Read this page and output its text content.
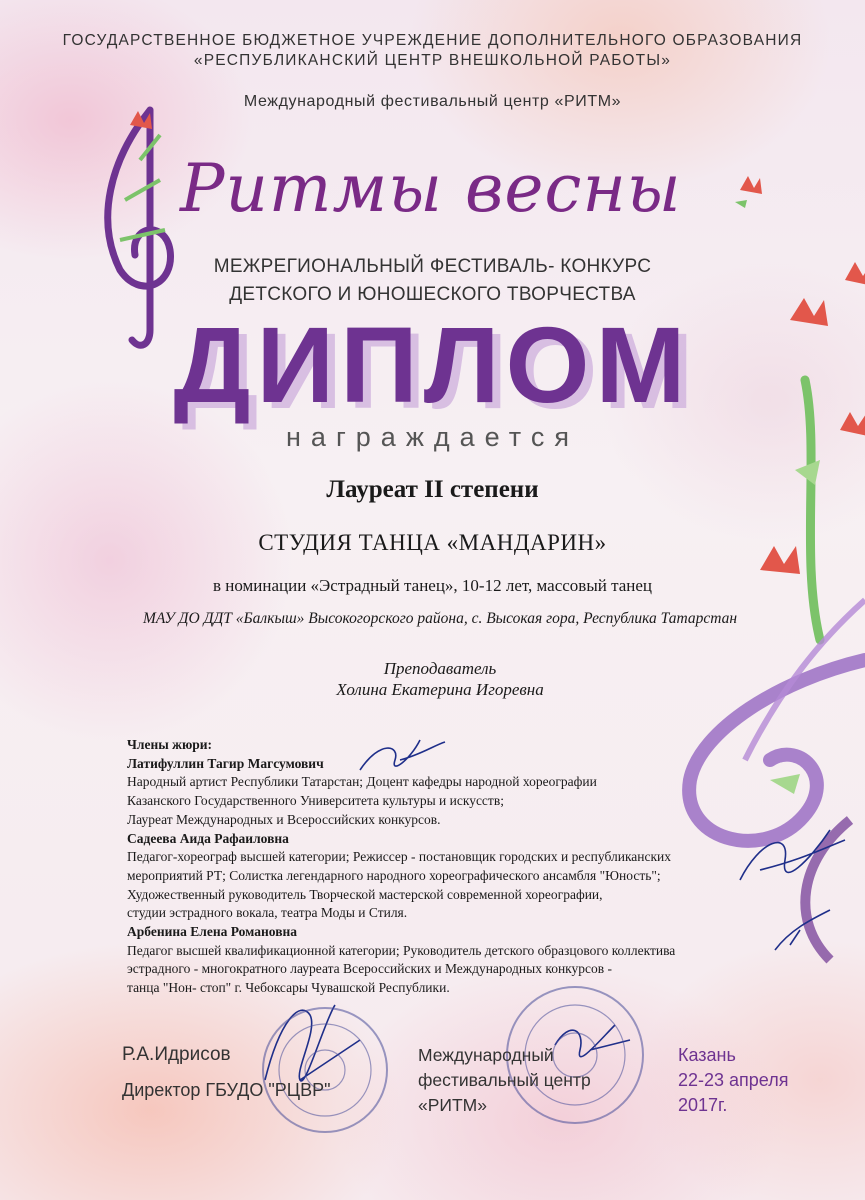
ГОСУДАРСТВЕННОЕ БЮДЖЕТНОЕ УЧРЕЖДЕНИЕ ДОПОЛНИТЕЛЬНОГО ОБРАЗОВАНИЯ
«РЕСПУБЛИКАНСКИЙ ЦЕНТР ВНЕШКОЛЬНОЙ РАБОТЫ»
Международный фестивальный центр «РИТМ»
Ритмы весны
МЕЖРЕГИОНАЛЬНЫЙ ФЕСТИВАЛЬ- КОНКУРС
ДЕТСКОГО И ЮНОШЕСКОГО ТВОРЧЕСТВА
ДИПЛОМ
награждается
Лауреат II степени
СТУДИЯ ТАНЦА «МАНДАРИН»
в номинации «Эстрадный танец», 10-12 лет, массовый танец
МАУ ДО ДДТ «Балкыш» Высокогорского района, с. Высокая гора, Республика Татарстан
Преподаватель
Холина Екатерина Игоревна
Члены жюри:
Латифуллин Тагир Магсумович
Народный артист Республики Татарстан; Доцент кафедры народной хореографии
Казанского Государственного Университета культуры и искусств;
Лауреат Международных и Всероссийских конкурсов.
Садеева Аида Рафаиловна
Педагог-хореограф высшей категории; Режиссер - постановщик городских и республиканских
мероприятий РТ; Солистка легендарного народного хореографического ансамбля "Юность";
Художественный руководитель Творческой мастерской современной хореографии,
студии эстрадного вокала, театра Моды и Стиля.
Арбенина Елена Романовна
Педагог высшей квалификационной категории; Руководитель детского образцового коллектива
эстрадного - многократного лауреата Всероссийских и Международных конкурсов -
танца "Нон- стоп" г. Чебоксары Чувашской Республики.
Р.А.Идрисов
Директор ГБУДО "РЦВР"
Международный
фестивальный центр
«РИТМ»
Казань
22-23 апреля
2017г.
